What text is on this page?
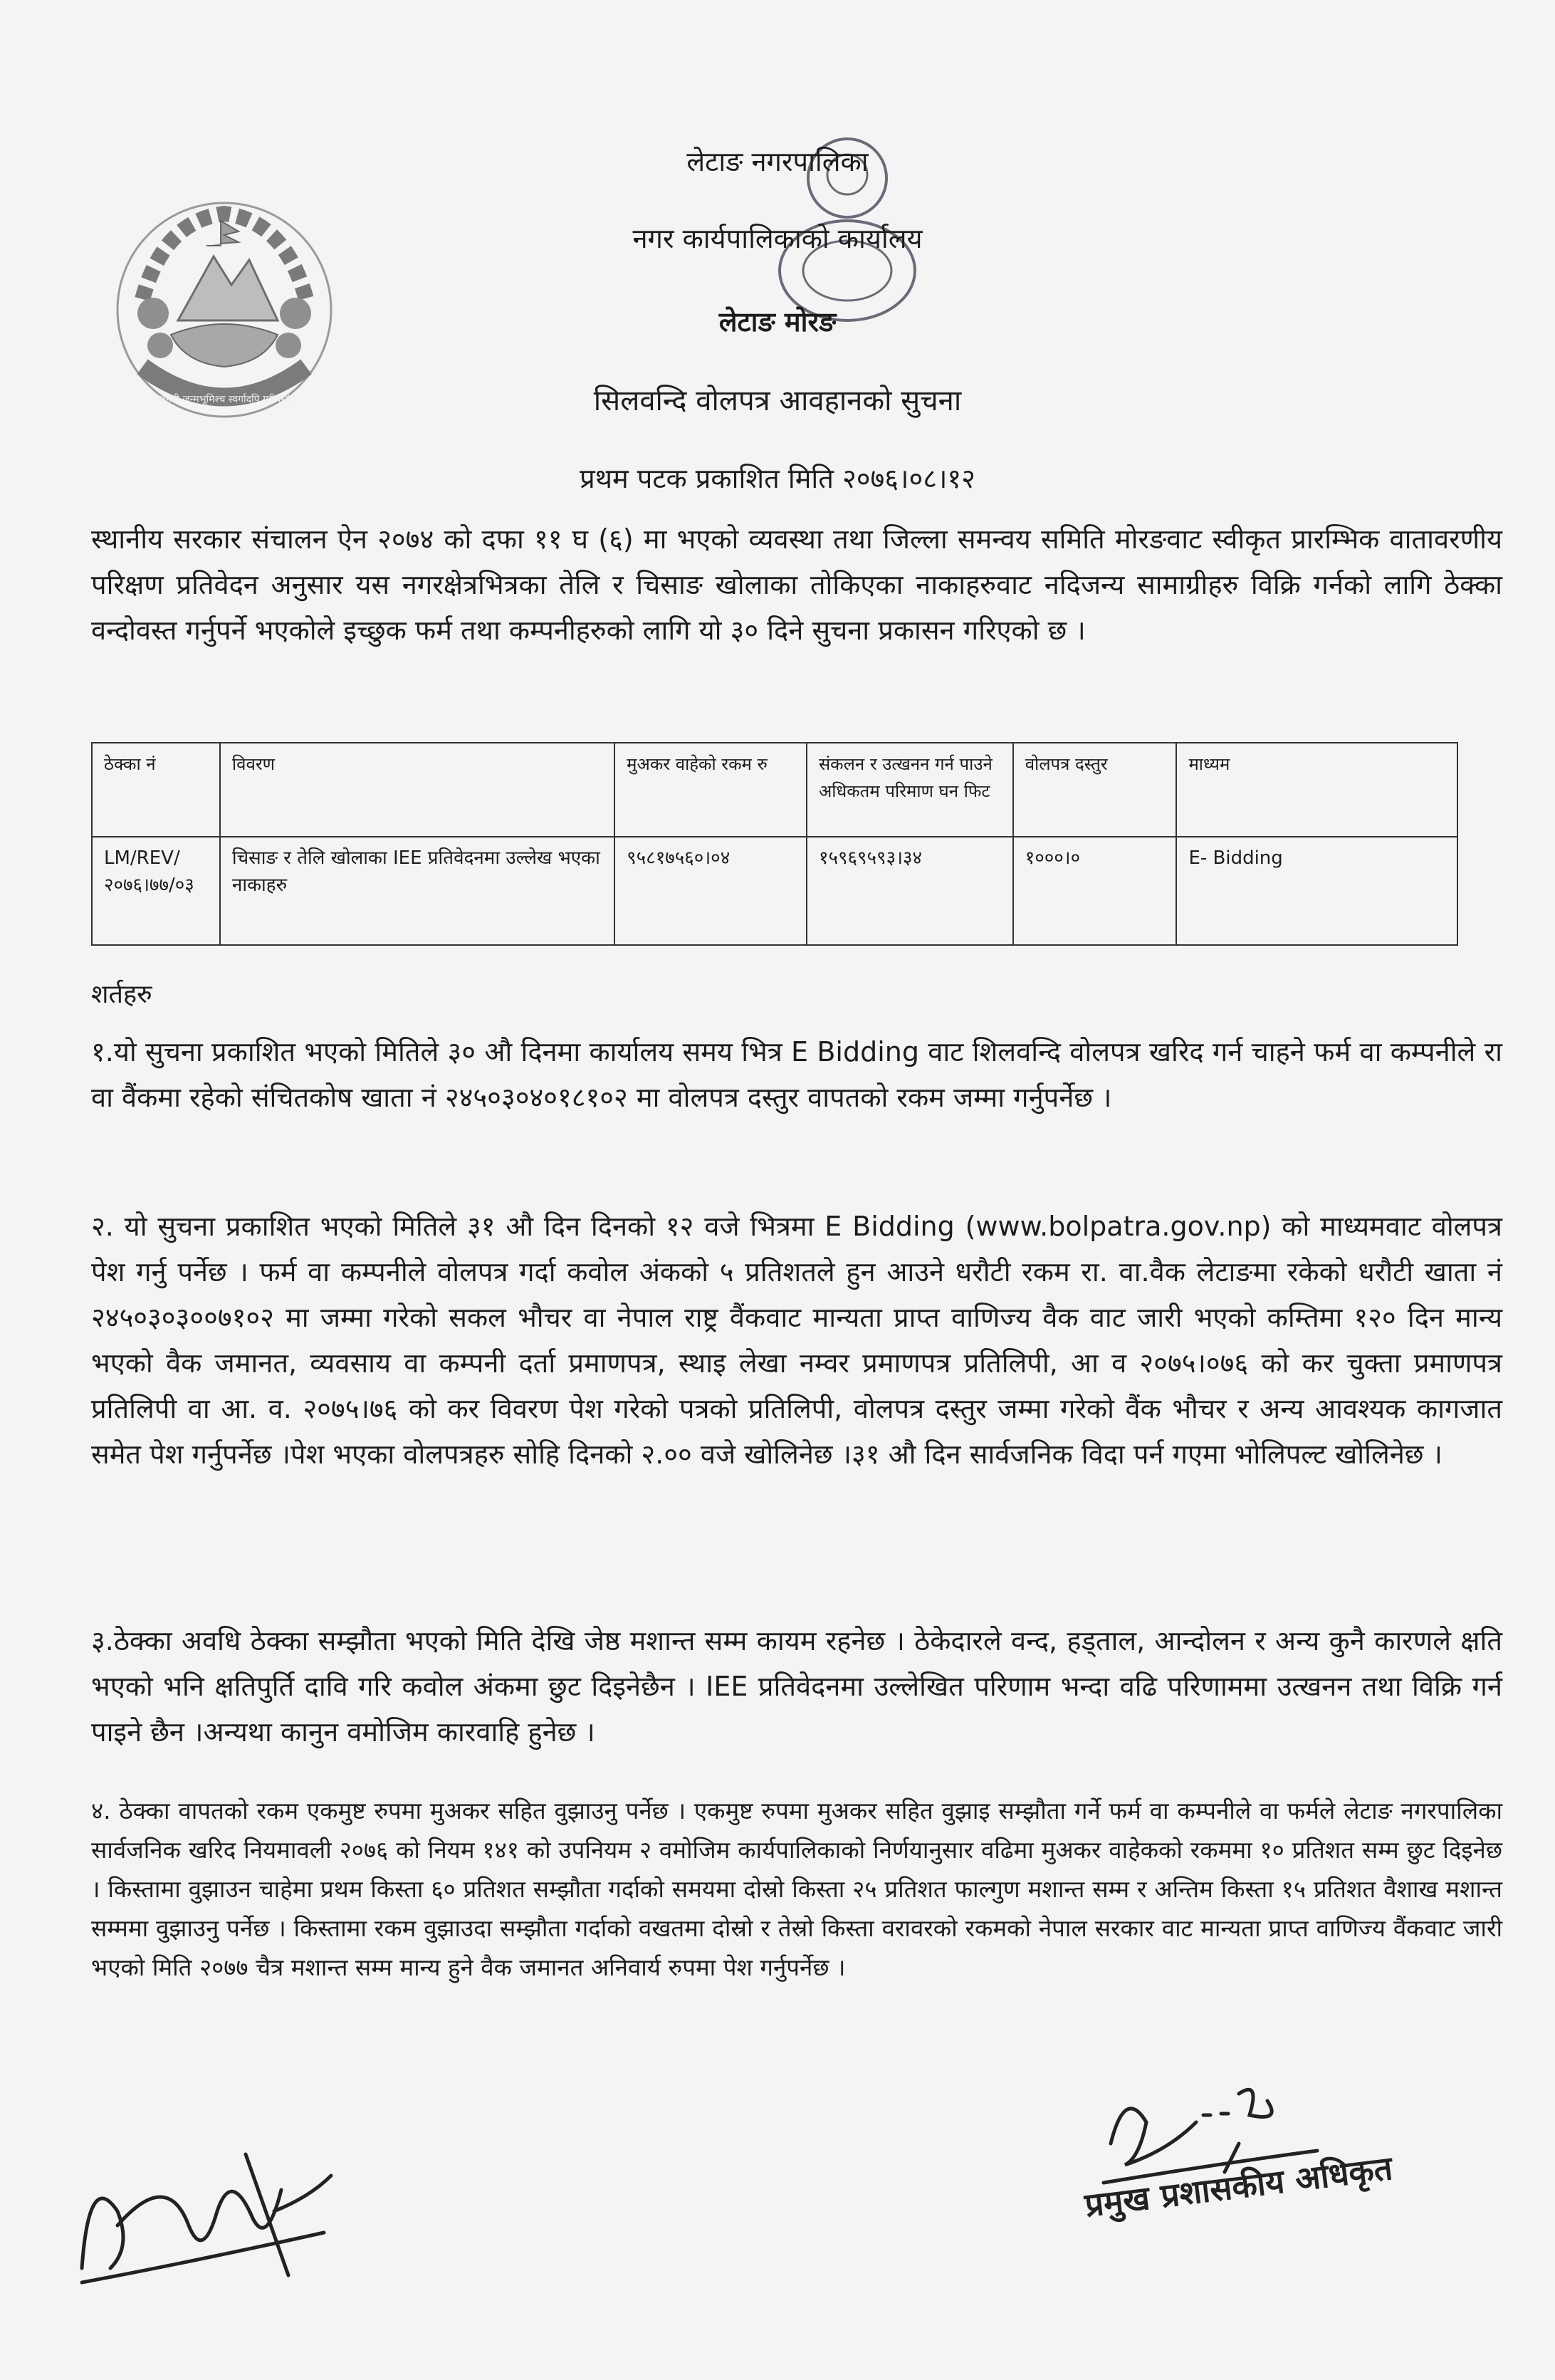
जननी जन्मभूमिश्च स्वर्गादपि गरीयसी
लेटाङ नगरपालिका
नगर कार्यपालिकाको कार्यालय
लेटाङ मोरङ
सिलवन्दि वोलपत्र आवहानको सुचना
प्रथम पटक प्रकाशित मिति २०७६।०८।१२
स्थानीय सरकार संचालन ऐन २०७४ को दफा ११ घ (६) मा भएको व्यवस्था तथा जिल्ला समन्वय समिति मोरङवाट स्वीकृत प्रारम्भिक वातावरणीय परिक्षण प्रतिवेदन अनुसार यस नगरक्षेत्रभित्रका तेलि र चिसाङ खोलाका तोकिएका नाकाहरुवाट नदिजन्य सामाग्रीहरु विक्रि गर्नको लागि ठेक्का वन्दोवस्त गर्नुपर्ने भएकोले इच्छुक फर्म तथा कम्पनीहरुको लागि यो ३० दिने सुचना प्रकासन गरिएको छ ।
ठेक्का नं	विवरण	मुअकर वाहेको रकम रु	संकलन र उत्खनन गर्न पाउने अधिकतम परिमाण घन फिट	वोलपत्र दस्तुर	माध्यम
LM/REV/२०७६।७७/०३	चिसाङ र तेलि खोलाका IEE प्रतिवेदनमा उल्लेख भएका नाकाहरु	९५८१७५६०।०४	१५९६९५९३।३४	१०००।०	E- Bidding
शर्तहरु
१.यो सुचना प्रकाशित भएको मितिले ३० औ दिनमा कार्यालय समय भित्र E Bidding वाट शिलवन्दि वोलपत्र खरिद गर्न चाहने फर्म वा कम्पनीले रा वा वैंकमा रहेको संचितकोष खाता नं २४५०३०४०१८१०२ मा वोलपत्र दस्तुर वापतको रकम जम्मा गर्नुपर्नेछ ।
२. यो सुचना प्रकाशित भएको मितिले ३१ औ दिन दिनको १२ वजे भित्रमा E Bidding (www.bolpatra.gov.np) को माध्यमवाट वोलपत्र पेश गर्नु पर्नेछ । फर्म वा कम्पनीले वोलपत्र गर्दा कवोल अंकको ५ प्रतिशतले हुन आउने धरौटी रकम रा. वा.वैक लेटाङमा रकेको धरौटी खाता नं २४५०३०३००७१०२ मा जम्मा गरेको सकल भौचर वा नेपाल राष्ट्र वैंकवाट मान्यता प्राप्त वाणिज्य वैक वाट जारी भएको कम्तिमा १२० दिन मान्य भएको वैक जमानत, व्यवसाय वा कम्पनी दर्ता प्रमाणपत्र, स्थाइ लेखा नम्वर प्रमाणपत्र प्रतिलिपी, आ व २०७५।०७६ को कर चुक्ता प्रमाणपत्र प्रतिलिपी वा आ. व. २०७५।७६ को कर विवरण पेश गरेको पत्रको प्रतिलिपी, वोलपत्र दस्तुर जम्मा गरेको वैंक भौचर र अन्य आवश्यक कागजात समेत पेश गर्नुपर्नेछ ।पेश भएका वोलपत्रहरु सोहि दिनको २.०० वजे खोलिनेछ ।३१ औ दिन सार्वजनिक विदा पर्न गएमा भोलिपल्ट खोलिनेछ ।
३.ठेक्का अवधि ठेक्का सम्झौता भएको मिति देखि जेष्ठ मशान्त सम्म कायम रहनेछ । ठेकेदारले वन्द, हड्ताल, आन्दोलन र अन्य कुनै कारणले क्षति भएको भनि क्षतिपुर्ति दावि गरि कवोल अंकमा छुट दिइनेछैन । IEE प्रतिवेदनमा उल्लेखित परिणाम भन्दा वढि परिणाममा उत्खनन तथा विक्रि गर्न पाइने छैन ।अन्यथा कानुन वमोजिम कारवाहि हुनेछ ।
४. ठेक्का वापतको रकम एकमुष्ट रुपमा मुअकर सहित वुझाउनु पर्नेछ । एकमुष्ट रुपमा मुअकर सहित वुझाइ सम्झौता गर्ने फर्म वा कम्पनीले वा फर्मले लेटाङ नगरपालिका सार्वजनिक खरिद नियमावली २०७६ को नियम १४१ को उपनियम २ वमोजिम कार्यपालिकाको निर्णयानुसार वढिमा मुअकर वाहेकको रकममा १० प्रतिशत सम्म छुट दिइनेछ । किस्तामा वुझाउन चाहेमा प्रथम किस्ता ६० प्रतिशत सम्झौता गर्दाको समयमा दोस्रो किस्ता २५ प्रतिशत फाल्गुण मशान्त सम्म र अन्तिम किस्ता १५ प्रतिशत वैशाख मशान्त सम्ममा वुझाउनु पर्नेछ । किस्तामा रकम वुझाउदा सम्झौता गर्दाको वखतमा दोस्रो र तेस्रो किस्ता वरावरको रकमको नेपाल सरकार वाट मान्यता प्राप्त वाणिज्य वैंकवाट जारी भएको मिति २०७७ चैत्र मशान्त सम्म मान्य हुने वैक जमानत अनिवार्य रुपमा पेश गर्नुपर्नेछ ।
प्रमुख प्रशासकीय अधिकृत
